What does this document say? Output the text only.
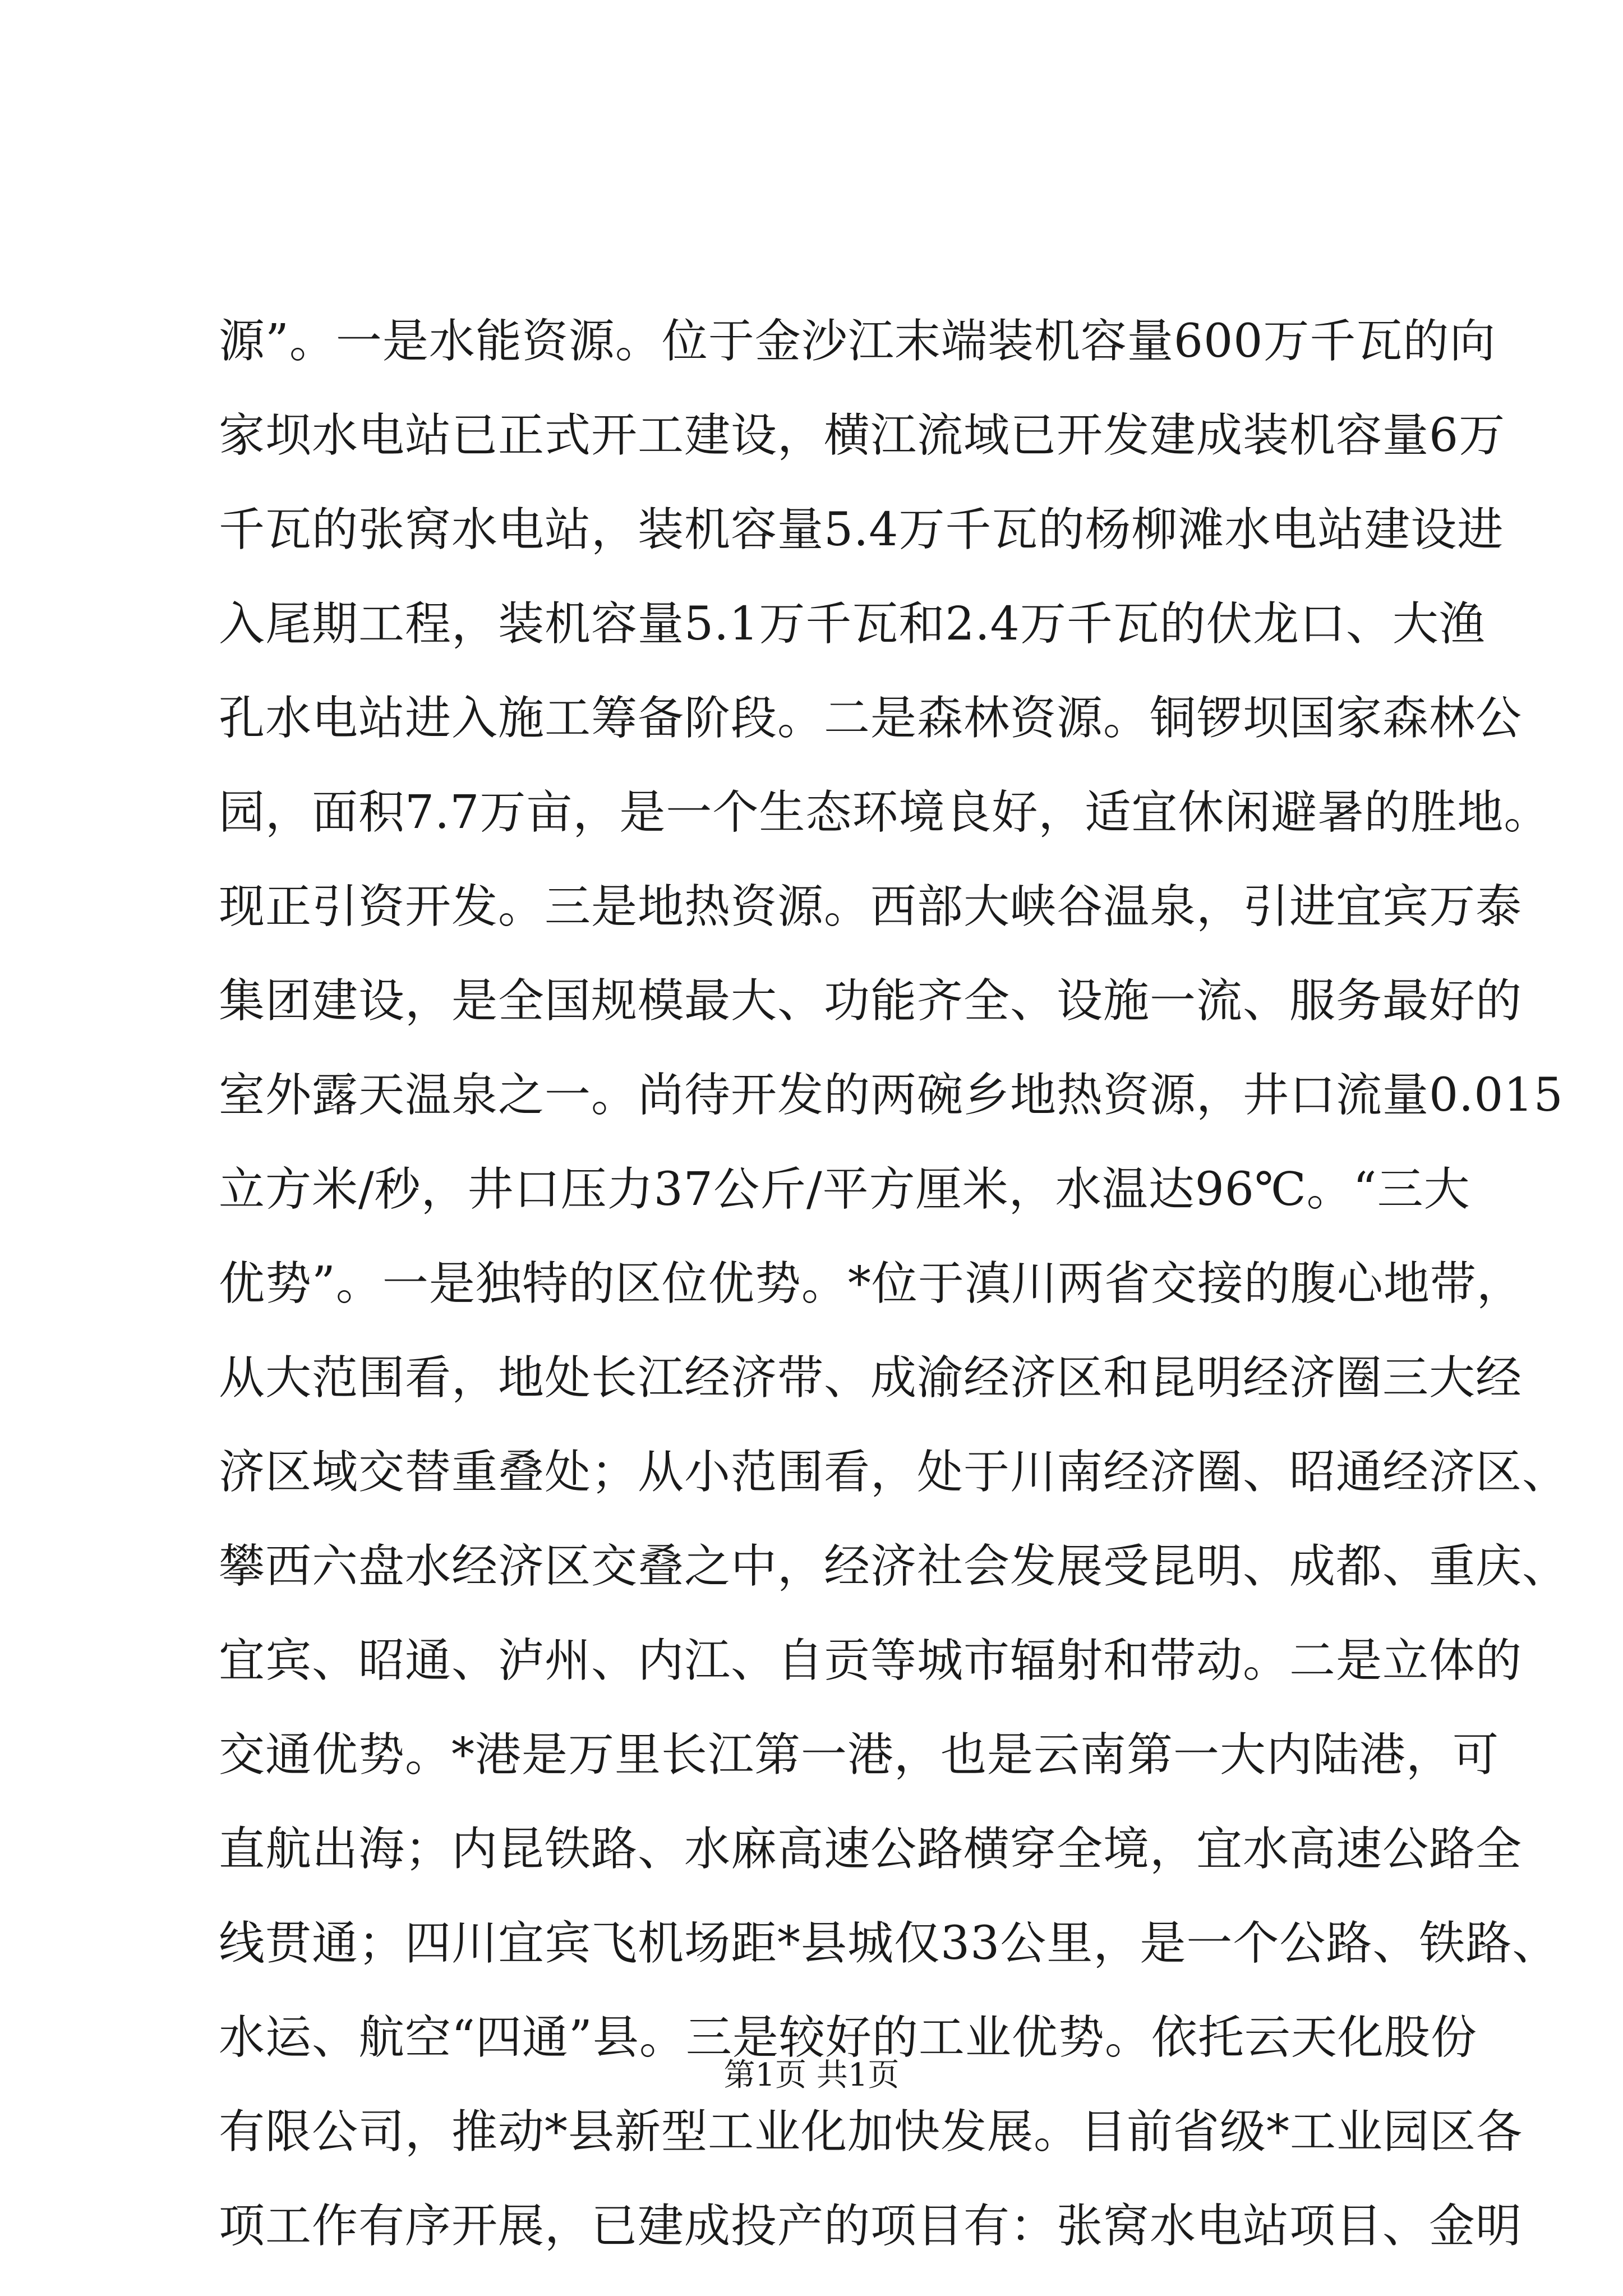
源”。一是水能资源。位于金沙江末端装机容量600万千瓦的向
家坝水电站已正式开工建设，横江流域已开发建成装机容量6万
千瓦的张窝水电站，装机容量5.4万千瓦的杨柳滩水电站建设进
入尾期工程，装机容量5.1万千瓦和2.4万千瓦的伏龙口、大渔
孔水电站进入施工筹备阶段。二是森林资源。铜锣坝国家森林公
园，面积7.7万亩，是一个生态环境良好，适宜休闲避暑的胜地。
现正引资开发。三是地热资源。西部大峡谷温泉，引进宜宾万泰
集团建设，是全国规模最大、功能齐全、设施一流、服务最好的
室外露天温泉之一。尚待开发的两碗乡地热资源，井口流量0.015
立方米/秒，井口压力37公斤/平方厘米，水温达96℃。“三大
优势”。一是独特的区位优势。*位于滇川两省交接的腹心地带，
从大范围看，地处长江经济带、成渝经济区和昆明经济圈三大经
济区域交替重叠处；从小范围看，处于川南经济圈、昭通经济区、
攀西六盘水经济区交叠之中，经济社会发展受昆明、成都、重庆、
宜宾、昭通、泸州、内江、自贡等城市辐射和带动。二是立体的
交通优势。*港是万里长江第一港，也是云南第一大内陆港，可
直航出海；内昆铁路、水麻高速公路横穿全境，宜水高速公路全
线贯通；四川宜宾飞机场距*县城仅33公里，是一个公路、铁路、
水运、航空“四通”县。三是较好的工业优势。依托云天化股份
有限公司，推动*县新型工业化加快发展。目前省级*工业园区各
项工作有序开展，已建成投产的项目有：张窝水电站项目、金明
第1页 共1页
